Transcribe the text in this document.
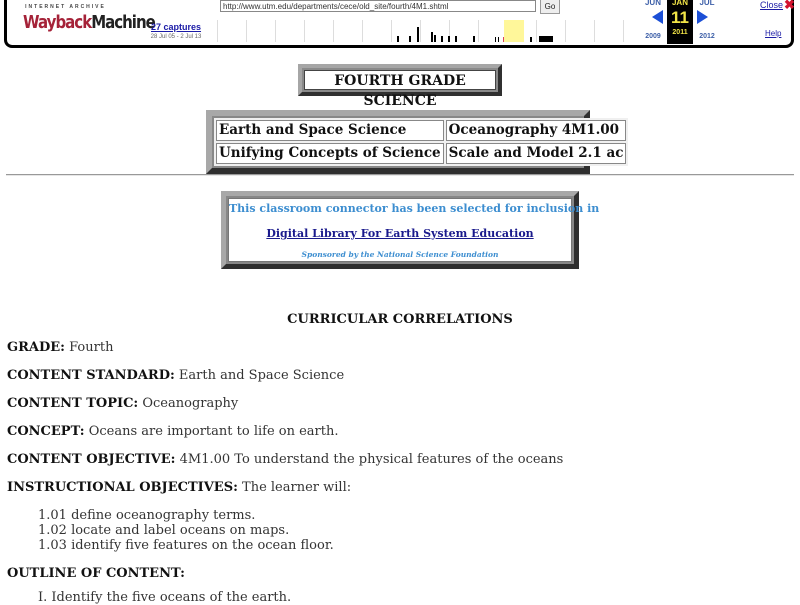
INTERNET ARCHIVE
WaybackMachine
27 captures
28 Jul 05 - 2 Jul 13
http://www.utm.edu/departments/cece/old_site/fourth/4M1.shtml	Go	JUN
2009
JAN
11
2011
JUL
2012
Close ✖
Help
FOURTH GRADE SCIENCE
Earth and Space Science	Oceanography 4M1.00
Unifying Concepts of Science	Scale and Model 2.1 ac
This classroom connector has been selected for inclusion in
Digital Library For Earth System Education
Sponsored by the National Science Foundation
CURRICULAR CORRELATIONS
GRADE: Fourth
CONTENT STANDARD: Earth and Space Science
CONTENT TOPIC: Oceanography
CONCEPT: Oceans are important to life on earth.
CONTENT OBJECTIVE: 4M1.00 To understand the physical features of the oceans
INSTRUCTIONAL OBJECTIVES: The learner will:
1.01 define oceanography terms.
1.02 locate and label oceans on maps.
1.03 identify five features on the ocean floor.
OUTLINE OF CONTENT:
I. Identify the five oceans of the earth.
